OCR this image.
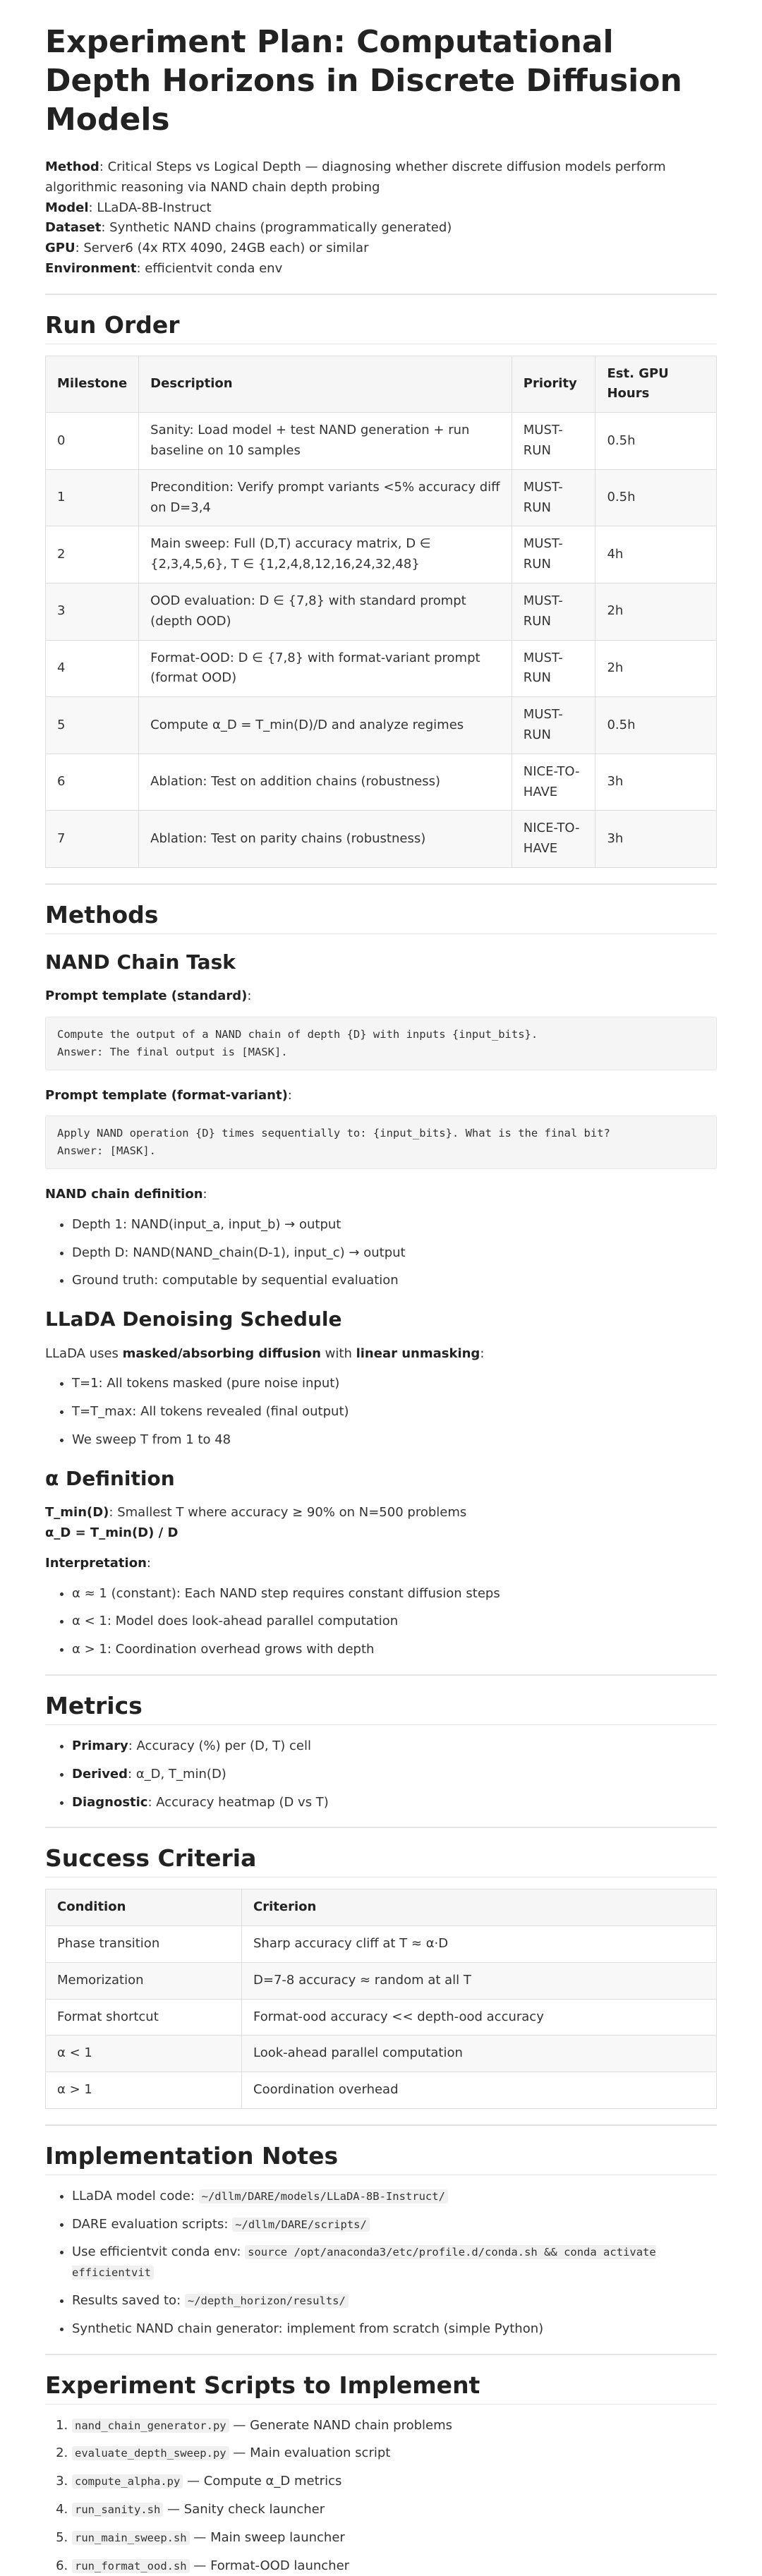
Experiment Plan: Computational Depth Horizons in Discrete Diffusion Models

Method: Critical Steps vs Logical Depth — diagnosing whether discrete diffusion models perform algorithmic reasoning via NAND chain depth probing

Model: LLaDA-8B-Instruct

Dataset: Synthetic NAND chains (programmatically generated)

GPU: Server6 (4x RTX 4090, 24GB each) or similar

Environment: efficientvit conda env

Run Order
Milestone	Description	Priority	Est. GPU Hours
0	Sanity: Load model + test NAND generation + run baseline on 10 samples	MUST-RUN	0.5h
1	Precondition: Verify prompt variants <5% accuracy diff on D=3,4	MUST-RUN	0.5h
2	Main sweep: Full (D,T) accuracy matrix, D ∈ {2,3,4,5,6}, T ∈ {1,2,4,8,12,16,24,32,48}	MUST-RUN	4h
3	OOD evaluation: D ∈ {7,8} with standard prompt (depth OOD)	MUST-RUN	2h
4	Format-OOD: D ∈ {7,8} with format-variant prompt (format OOD)	MUST-RUN	2h
5	Compute α_D = T_min(D)/D and analyze regimes	MUST-RUN	0.5h
6	Ablation: Test on addition chains (robustness)	NICE-TO-HAVE	3h
7	Ablation: Test on parity chains (robustness)	NICE-TO-HAVE	3h
Methods
NAND Chain Task

Prompt template (standard):

Compute the output of a NAND chain of depth {D} with inputs {input_bits}.
Answer: The final output is [MASK].

Prompt template (format-variant):

Apply NAND operation {D} times sequentially to: {input_bits}. What is the final bit?
Answer: [MASK].

NAND chain definition:

• Depth 1: NAND(input_a, input_b) → output
• Depth D: NAND(NAND_chain(D-1), input_c) → output
• Ground truth: computable by sequential evaluation
LLaDA Denoising Schedule

LLaDA uses masked/absorbing diffusion with linear unmasking:

• T=1: All tokens masked (pure noise input)
• T=T_max: All tokens revealed (final output)
• We sweep T from 1 to 48
α Definition

T_min(D): Smallest T where accuracy ≥ 90% on N=500 problems
α_D = T_min(D) / D

Interpretation:

• α ≈ 1 (constant): Each NAND step requires constant diffusion steps
• α < 1: Model does look-ahead parallel computation
• α > 1: Coordination overhead grows with depth
Metrics
• Primary: Accuracy (%) per (D, T) cell
• Derived: α_D, T_min(D)
• Diagnostic: Accuracy heatmap (D vs T)
Success Criteria
Condition	Criterion
Phase transition	Sharp accuracy cliff at T ≈ α·D
Memorization	D=7-8 accuracy ≈ random at all T
Format shortcut	Format-ood accuracy << depth-ood accuracy
α < 1	Look-ahead parallel computation
α > 1	Coordination overhead
Implementation Notes
• LLaDA model code: ~/dllm/DARE/models/LLaDA-8B-Instruct/
• DARE evaluation scripts: ~/dllm/DARE/scripts/
• Use efficientvit conda env: source /opt/anaconda3/etc/profile.d/conda.sh && conda activate efficientvit
• Results saved to: ~/depth_horizon/results/
• Synthetic NAND chain generator: implement from scratch (simple Python)
Experiment Scripts to Implement
1. nand_chain_generator.py — Generate NAND chain problems
2. evaluate_depth_sweep.py — Main evaluation script
3. compute_alpha.py — Compute α_D metrics
4. run_sanity.sh — Sanity check launcher
5. run_main_sweep.sh — Main sweep launcher
6. run_format_ood.sh — Format-OOD launcher
